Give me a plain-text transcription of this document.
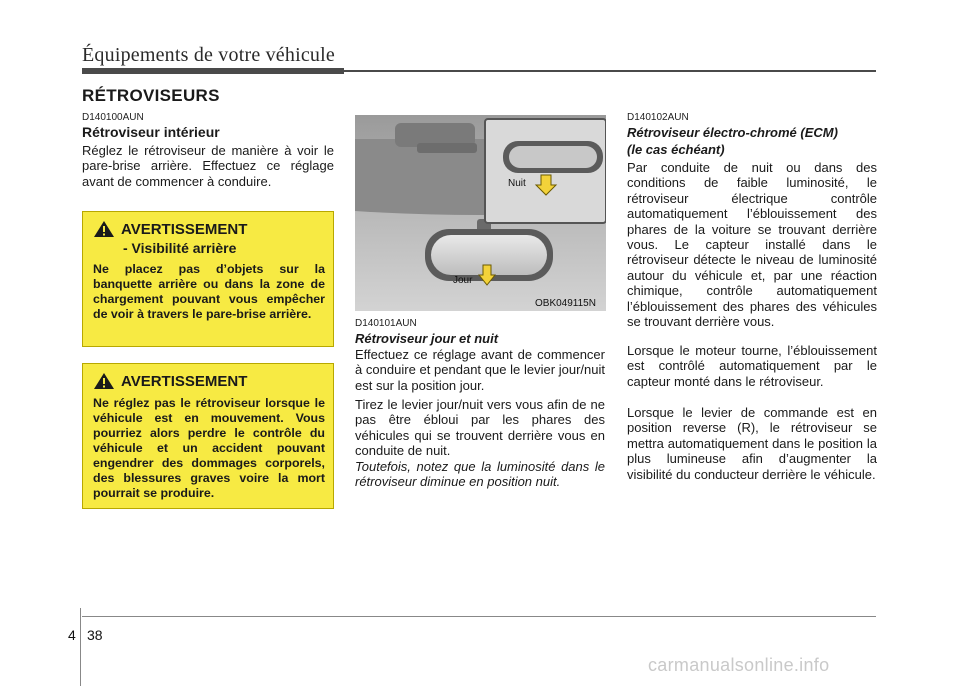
Équipements de votre véhicule
RÉTROVISEURS
D140100AUN
Rétroviseur intérieur

Réglez le rétroviseur de manière à voir le pare-brise arrière. Effectuez ce réglage avant de commencer à conduire.

AVERTISSEMENT
- Visibilité arrière

Ne placez pas d’objets sur la banquette arrière ou dans la zone de chargement pouvant vous empêcher de voir à travers le pare-brise arrière.

AVERTISSEMENT

Ne réglez pas le rétroviseur lorsque le véhicule est en mouvement. Vous pourriez alors perdre le contrôle du véhicule et un accident pouvant engendrer des dommages corporels, des blessures graves voire la mort pourrait se produire.

Nuit
Jour
OBK049115N
D140101AUN
Rétroviseur jour et nuit

Effectuez ce réglage avant de commencer à conduire et pendant que le levier jour/nuit est sur la position jour.

Tirez le levier jour/nuit vers vous afin de ne pas être ébloui par les phares des véhicules qui se trouvent derrière vous en conduite de nuit.

Toutefois, notez que la luminosité dans le rétroviseur diminue en position nuit.

D140102AUN
Rétroviseur électro-chromé (ECM)
(le cas échéant)

Par conduite de nuit ou dans des conditions de faible luminosité, le rétroviseur électrique contrôle automatiquement l’éblouissement des phares de la voiture se trouvant derrière vous. Le capteur installé dans le rétroviseur détecte le niveau de luminosité autour du véhicule et, par une réaction chimique, contrôle automatiquement l’éblouissement des phares des véhicules se trouvant derrière vous.

Lorsque le moteur tourne, l’éblouissement est contrôlé automatiquement par le capteur monté dans le rétroviseur.

Lorsque le levier de commande est en position reverse (R), le rétroviseur se mettra automatiquement dans le position la plus lumineuse afin d’augmenter la visibilité du conducteur derrière le véhicule.

4 38
carmanualsonline.info
